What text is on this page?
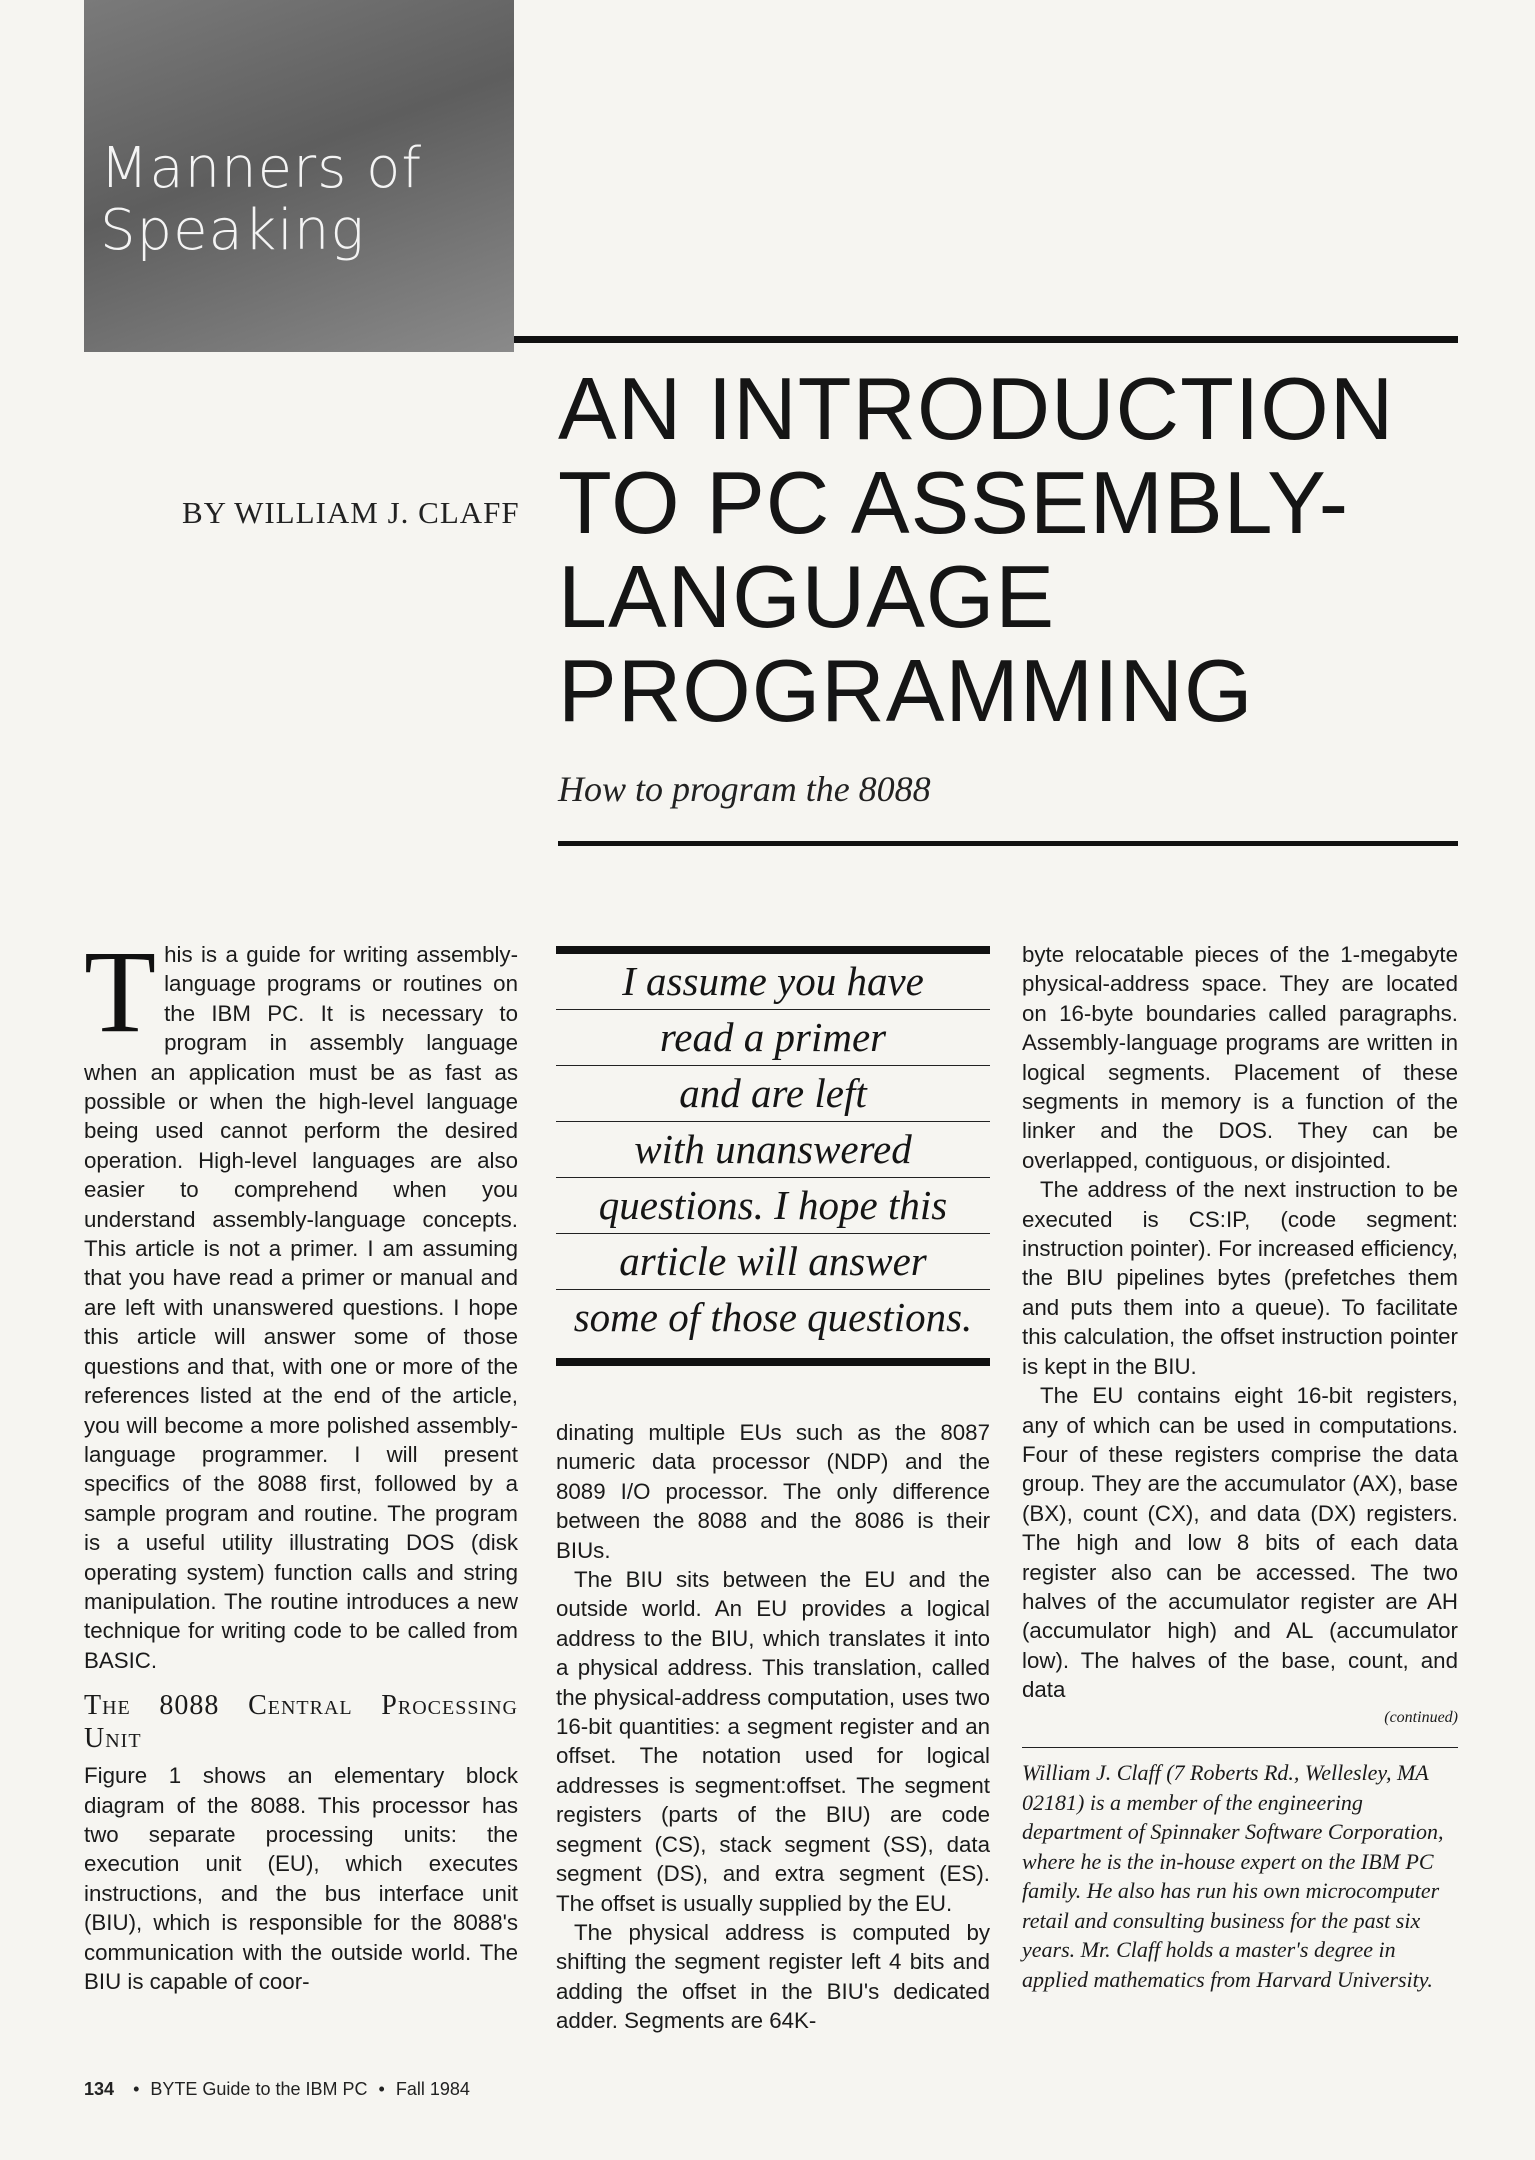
Manners of Speaking
BY WILLIAM J. CLAFF
AN INTRODUCTION
TO PC ASSEMBLY-
LANGUAGE
PROGRAMMING
How to program the 8088

T his is a guide for writing assembly-language programs or routines on the IBM PC. It is necessary to program in assembly language when an application must be as fast as possible or when the high-level language being used cannot perform the desired operation. High-level languages are also easier to comprehend when you understand assembly-language concepts. This article is not a primer. I am assuming that you have read a primer or manual and are left with unanswered questions. I hope this article will answer some of those questions and that, with one or more of the references listed at the end of the article, you will become a more polished assembly-language programmer. I will present specifics of the 8088 first, followed by a sample program and routine. The program is a useful utility illustrating DOS (disk operating system) function calls and string manipulation. The routine introduces a new technique for writing code to be called from BASIC.

The 8088 Central Processing Unit

Figure 1 shows an elementary block diagram of the 8088. This processor has two separate processing units: the execution unit (EU), which executes instructions, and the bus interface unit (BIU), which is responsible for the 8088's communication with the outside world. The BIU is capable of coor-

I assume you have
read a primer
and are left
with unanswered
questions. I hope this
article will answer
some of those questions.

dinating multiple EUs such as the 8087 numeric data processor (NDP) and the 8089 I/O processor. The only difference between the 8088 and the 8086 is their BIUs.

The BIU sits between the EU and the outside world. An EU provides a logical address to the BIU, which translates it into a physical address. This translation, called the physical-address computation, uses two 16-bit quantities: a segment register and an offset. The notation used for logical addresses is segment:offset. The segment registers (parts of the BIU) are code segment (CS), stack segment (SS), data segment (DS), and extra segment (ES). The offset is usually supplied by the EU.

The physical address is computed by shifting the segment register left 4 bits and adding the offset in the BIU's dedicated adder. Segments are 64K-

byte relocatable pieces of the 1-megabyte physical-address space. They are located on 16-byte boundaries called paragraphs. Assembly-language programs are written in logical segments. Placement of these segments in memory is a function of the linker and the DOS. They can be overlapped, contiguous, or disjointed.

The address of the next instruction to be executed is CS:IP, (code segment: instruction pointer). For increased efficiency, the BIU pipelines bytes (prefetches them and puts them into a queue). To facilitate this calculation, the offset instruction pointer is kept in the BIU.

The EU contains eight 16-bit registers, any of which can be used in computations. Four of these registers comprise the data group. They are the accumulator (AX), base (BX), count (CX), and data (DX) registers. The high and low 8 bits of each data register also can be accessed. The two halves of the accumulator register are AH (accumulator high) and AL (accumulator low). The halves of the base, count, and data

(continued)
William J. Claff (7 Roberts Rd., Wellesley, MA 02181) is a member of the engineering department of Spinnaker Software Corporation, where he is the in-house expert on the IBM PC family. He also has run his own microcomputer retail and consulting business for the past six years. Mr. Claff holds a master's degree in applied mathematics from Harvard University.
134 • BYTE Guide to the IBM PC • Fall 1984
